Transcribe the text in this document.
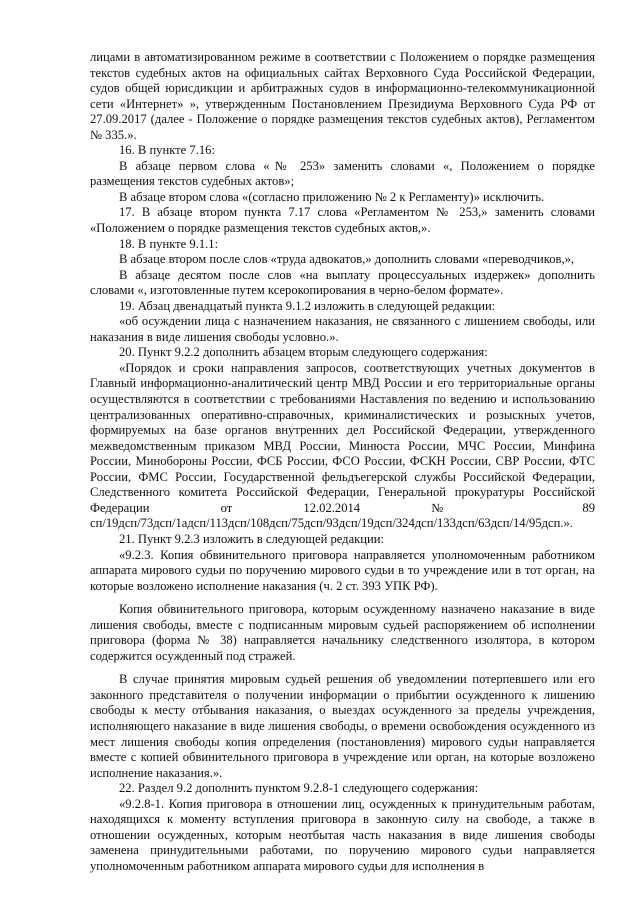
лицами в автоматизированном режиме в соответствии с Положением о порядке размещения текстов судебных актов на официальных сайтах Верховного Суда Российской Федерации, судов общей юрисдикции и арбитражных судов в информационно-телекоммуникационной сети «Интернет» », утвержденным Постановлением Президиума Верховного Суда РФ от 27.09.2017 (далее - Положение о порядке размещения текстов судебных актов), Регламентом № 335.».

16. В пункте 7.16:

В абзаце первом слова «№ 253» заменить словами «, Положением о порядке размещения текстов судебных актов»;

В абзаце втором слова «(согласно приложению № 2 к Регламенту)» исключить.

17. В абзаце втором пункта 7.17 слова «Регламентом № 253,» заменить словами «Положением о порядке размещения текстов судебных актов,».

18. В пункте 9.1.1:

В абзаце втором после слов «труда адвокатов,» дополнить словами «переводчиков,»,

В абзаце десятом после слов «на выплату процессуальных издержек» дополнить словами «, изготовленные путем ксерокопирования в черно-белом формате».

19. Абзац двенадцатый пункта 9.1.2 изложить в следующей редакции:

«об осуждении лица с назначением наказания, не связанного с лишением свободы, или наказания в виде лишения свободы условно.».

20. Пункт 9.2.2 дополнить абзацем вторым следующего содержания:

«Порядок и сроки направления запросов, соответствующих учетных документов в Главный информационно-аналитический центр МВД России и его территориальные органы осуществляются в соответствии с требованиями Наставления по ведению и использованию централизованных оперативно-справочных, криминалистических и розыскных учетов, формируемых на базе органов внутренних дел Российской Федерации, утвержденного межведомственным приказом МВД России, Минюста России, МЧС России, Минфина России, Минобороны России, ФСБ России, ФСО России, ФСКН России, СВР России, ФТС России, ФМС России, Государственной фельдъегерской службы Российской Федерации, Следственного комитета Российской Федерации, Генеральной прокуратуры Российской Федерации от 12.02.2014 № 89 сп/19дсп/73дсп/1адсп/113дсп/108дсп/75дсп/93дсп/19дсп/324дсп/133дсп/63дсп/14/95дсп.».

21. Пункт 9.2.3 изложить в следующей редакции:

«9.2.3. Копия обвинительного приговора направляется уполномоченным работником аппарата мирового судьи по поручению мирового судьи в то учреждение или в тот орган, на которые возложено исполнение наказания (ч. 2 ст. 393 УПК РФ).

Копия обвинительного приговора, которым осужденному назначено наказание в виде лишения свободы, вместе с подписанным мировым судьей распоряжением об исполнении приговора (форма № 38) направляется начальнику следственного изолятора, в котором содержится осужденный под стражей.

В случае принятия мировым судьей решения об уведомлении потерпевшего или его законного представителя о получении информации о прибытии осужденного к лишению свободы к месту отбывания наказания, о выездах осужденного за пределы учреждения, исполняющего наказание в виде лишения свободы, о времени освобождения осужденного из мест лишения свободы копия определения (постановления) мирового судьи направляется вместе с копией обвинительного приговора в учреждение или орган, на которые возложено исполнение наказания.».

22. Раздел 9.2 дополнить пунктом 9.2.8-1 следующего содержания:

«9.2.8-1. Копия приговора в отношении лиц, осужденных к принудительным работам, находящихся к моменту вступления приговора в законную силу на свободе, а также в отношении осужденных, которым неотбытая часть наказания в виде лишения свободы заменена принудительными работами, по поручению мирового судьи направляется уполномоченным работником аппарата мирового судьи для исполнения в
